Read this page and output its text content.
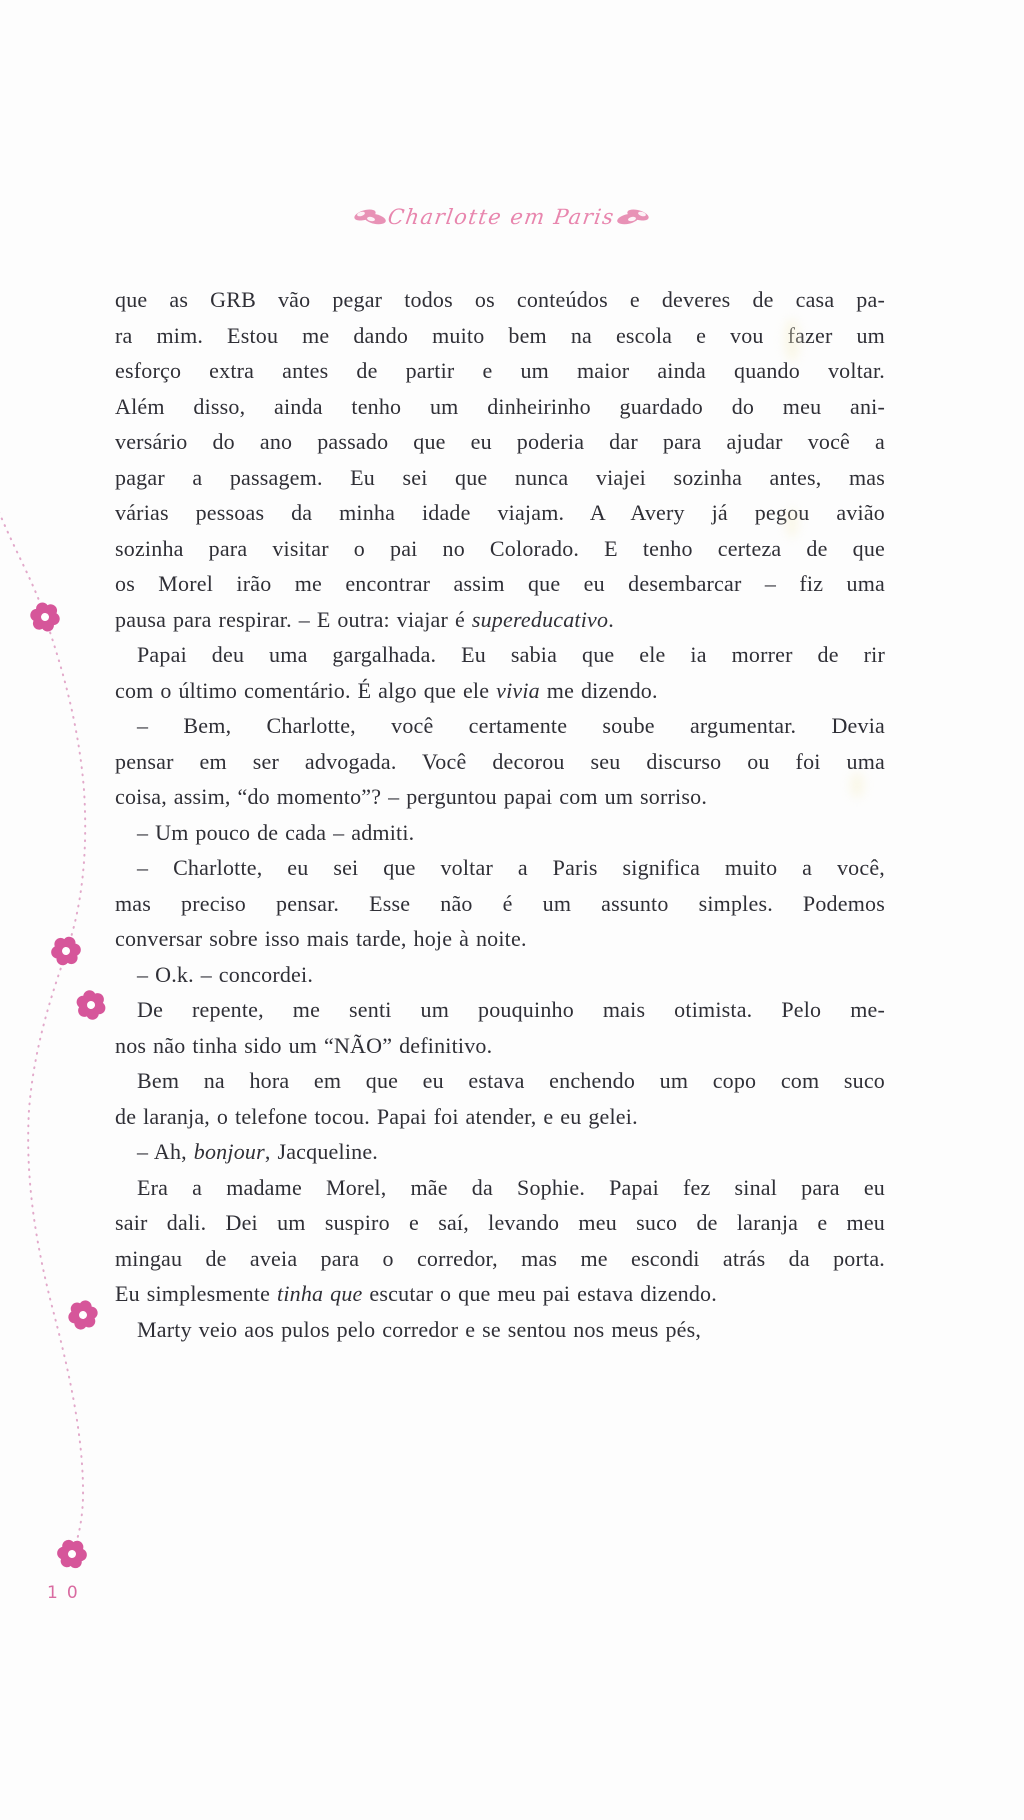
Charlotte em Paris
que as GRB vão pegar todos os conteúdos e deveres de casa pa-
ra mim. Estou me dando muito bem na escola e vou fazer um
esforço extra antes de partir e um maior ainda quando voltar.
Além disso, ainda tenho um dinheirinho guardado do meu ani-
versário do ano passado que eu poderia dar para ajudar você a
pagar a passagem. Eu sei que nunca viajei sozinha antes, mas
várias pessoas da minha idade viajam. A Avery já pegou avião
sozinha para visitar o pai no Colorado. E tenho certeza de que
os Morel irão me encontrar assim que eu desembarcar – fiz uma
pausa para respirar. – E outra: viajar é supereducativo.
Papai deu uma gargalhada. Eu sabia que ele ia morrer de rir
com o último comentário. É algo que ele vivia me dizendo.
– Bem, Charlotte, você certamente soube argumentar. Devia
pensar em ser advogada. Você decorou seu discurso ou foi uma
coisa, assim, “do momento”? – perguntou papai com um sorriso.
– Um pouco de cada – admiti.
– Charlotte, eu sei que voltar a Paris significa muito a você,
mas preciso pensar. Esse não é um assunto simples. Podemos
conversar sobre isso mais tarde, hoje à noite.
– O.k. – concordei.
De repente, me senti um pouquinho mais otimista. Pelo me-
nos não tinha sido um “NÃO” definitivo.
Bem na hora em que eu estava enchendo um copo com suco
de laranja, o telefone tocou. Papai foi atender, e eu gelei.
– Ah, bonjour, Jacqueline.
Era a madame Morel, mãe da Sophie. Papai fez sinal para eu
sair dali. Dei um suspiro e saí, levando meu suco de laranja e meu
mingau de aveia para o corredor, mas me escondi atrás da porta.
Eu simplesmente tinha que escutar o que meu pai estava dizendo.
Marty veio aos pulos pelo corredor e se sentou nos meus pés,
10
